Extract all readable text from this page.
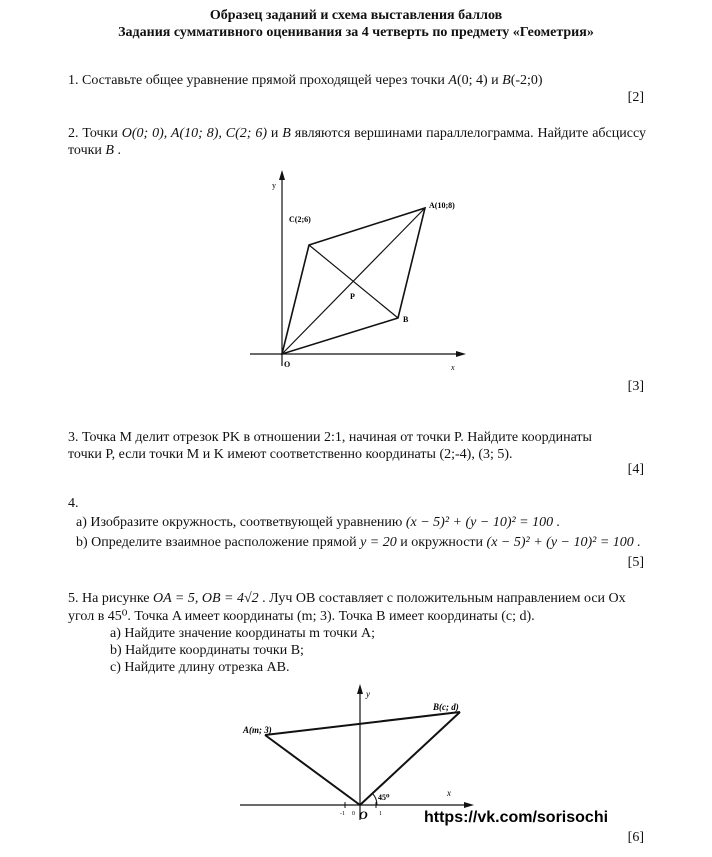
Образец заданий и схема выставления баллов
Задания суммативного оценивания за 4 четверть по предмету «Геометрия»
1. Составьте общее уравнение прямой проходящей через точки A(0; 4) и B(-2;0)
[2]
2. Точки O(0; 0), A(10; 8), C(2; 6) и B являются вершинами параллелограмма. Найдите абсциссу точки B .
y
x
O
A(10;8)
C(2;6)
P
B
y
x
A(m; 3)
B(c; d)
45⁰
-1 0	1
O
[3]
3. Точка M делит отрезок PK в отношении 2:1, начиная от точки P. Найдите координаты
точки P, если точки M и K имеют соответственно координаты (2;-4), (3; 5).
[4]
4.
a) Изобразите окружность, соответвующей уравнению (x − 5)² + (y − 10)² = 100 .
b) Определите взаимное расположение прямой y = 20 и окружности (x − 5)² + (y − 10)² = 100 .
[5]
5. На рисунке OA = 5, OB = 4√2 . Луч OB составляет с положительным направлением оси Ox
угол в 45⁰. Точка A имеет координаты (m; 3). Точка B имеет координаты (c; d).
a) Найдите значение координаты m точки A;
b) Найдите координаты точки B;
c) Найдите длину отрезка AB.
https://vk.com/sorisochi
[6]
